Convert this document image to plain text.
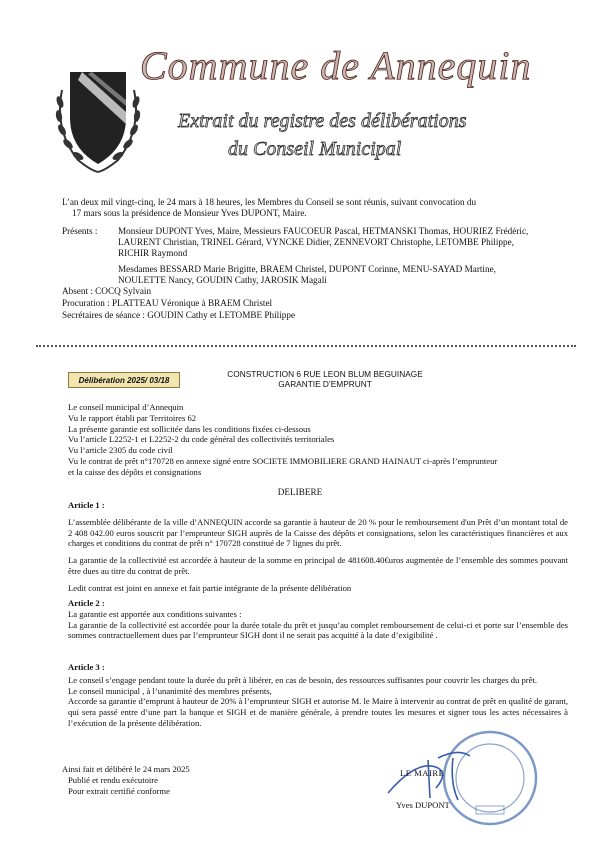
Commune de Annequin
Extrait du registre des délibérations
du Conseil Municipal
L’an deux mil vingt-cinq, le 24 mars à 18 heures, les Membres du Conseil se sont réunis, suivant convocation du
17 mars sous la présidence de Monsieur Yves DUPONT, Maire.
Présents : Monsieur DUPONT Yves, Maire, Messieurs FAUCOEUR Pascal, HETMANSKI Thomas, HOURIEZ Frédéric,
LAURENT Christian, TRINEL Gérard, VYNCKE Didier, ZENNEVORT Christophe, LETOMBE Philippe,
RICHIR Raymond
Mesdames BESSARD Marie Brigitte, BRAEM Christel, DUPONT Corinne, MENU-SAYAD Martine,
NOULETTE Nancy, GOUDIN Cathy, JAROSIK Magali
Absent : COCQ Sylvain
Procuration : PLATTEAU Véronique à BRAEM Christel
Secrétaires de séance : GOUDIN Cathy et LETOMBE Philippe
Délibération 2025/ 03/18
CONSTRUCTION 6 RUE LEON BLUM BEGUINAGE
GARANTIE D’EMPRUNT
Le conseil municipal d’Annequin
Vu le rapport établi par Territoires 62
La présente garantie est sollicitée dans les conditions fixées ci-dessous
Vu l’article L2252-1 et L2252-2 du code général des collectivités territoriales
Vu l’article 2305 du code civil
Vu le contrat de prêt n°170728 en annexe signé entre SOCIETE IMMOBILIERE GRAND HAINAUT ci-après l’emprunteur
et la caisse des dépôts et consignations
DELIBERE
Article 1 :
L’assemblée délibérante de la ville d’ANNEQUIN accorde sa garantie à hauteur de 20 % pour le remboursement d'un Prêt d’un montant total de 2 408 042.00 euros souscrit par l’emprunteur SIGH auprès de la Caisse des dépôts et consignations, selon les caractéristiques financières et aux charges et conditions du contrat de prêt n° 170728 constitué de 7 lignes du prêt.
La garantie de la collectivité est accordée à hauteur de la somme en principal de 481608.40€uros augmentée de l’ensemble des sommes pouvant être dues au titre du contrat de prêt.
Ledit contrat est joint en annexe et fait partie intégrante de la présente délibération
Article 2 :
La garantie est apportée aux conditions suivantes :
La garantie de la collectivité est accordée pour la durée totale du prêt et jusqu’au complet remboursement de celui-ci et porte sur l’ensemble des sommes contractuellement dues par l’emprunteur SIGH dont il ne serait pas acquitté à la date d’exigibilité .
Article 3 :
Le conseil s’engage pendant toute la durée du prêt à libérer, en cas de besoin, des ressources suffisantes pour couvrir les charges du prêt.
Le conseil municipal , à l’unanimité des membres présents,
Accorde sa garantie d’emprunt à hauteur de 20% à l’emprunteur SIGH et autorise M. le Maire à intervenir au contrat de prêt en qualité de garant, qui sera passé entre d’une part la banque et SIGH et de manière générale, à prendre toutes les mesures et signer tous les actes nécessaires à l’exécution de la présente délibération.
Ainsi fait et délibéré le 24 mars 2025
Publié et rendu exécutoire
Pour extrait certifié conforme
LE MAIRE
Yves DUPONT
